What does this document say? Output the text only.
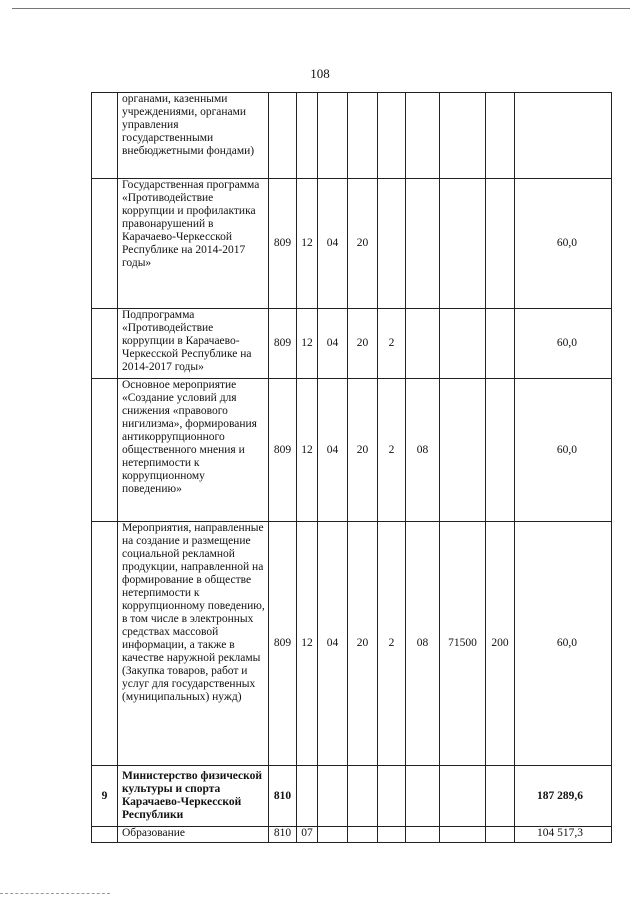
108
	органами, казенными учреждениями, органами управления государственными внебюджетными фондами)									
	Государственная программа «Противодействие коррупции и профилактика правонарушений в Карачаево-Черкесской Республике на 2014-2017 годы»	809	12	04	20					60,0
	Подпрограмма «Противодействие коррупции в Карачаево-Черкесской Республике на 2014-2017 годы»	809	12	04	20	2				60,0
	Основное мероприятие «Создание условий для снижения «правового нигилизма», формирования антикоррупционного общественного мнения и нетерпимости к коррупционному поведению»	809	12	04	20	2	08			60,0
	Мероприятия, направленные на создание и размещение социальной рекламной продукции, направленной на формирование в обществе нетерпимости к коррупционному поведению, в том числе в электронных средствах массовой информации, а также в качестве наружной рекламы (Закупка товаров, работ и услуг для государственных (муниципальных) нужд)	809	12	04	20	2	08	71500	200	60,0
9	Министерство физической культуры и спорта Карачаево-Черкесской Республики	810								187 289,6
	Образование	810	07							104 517,3
